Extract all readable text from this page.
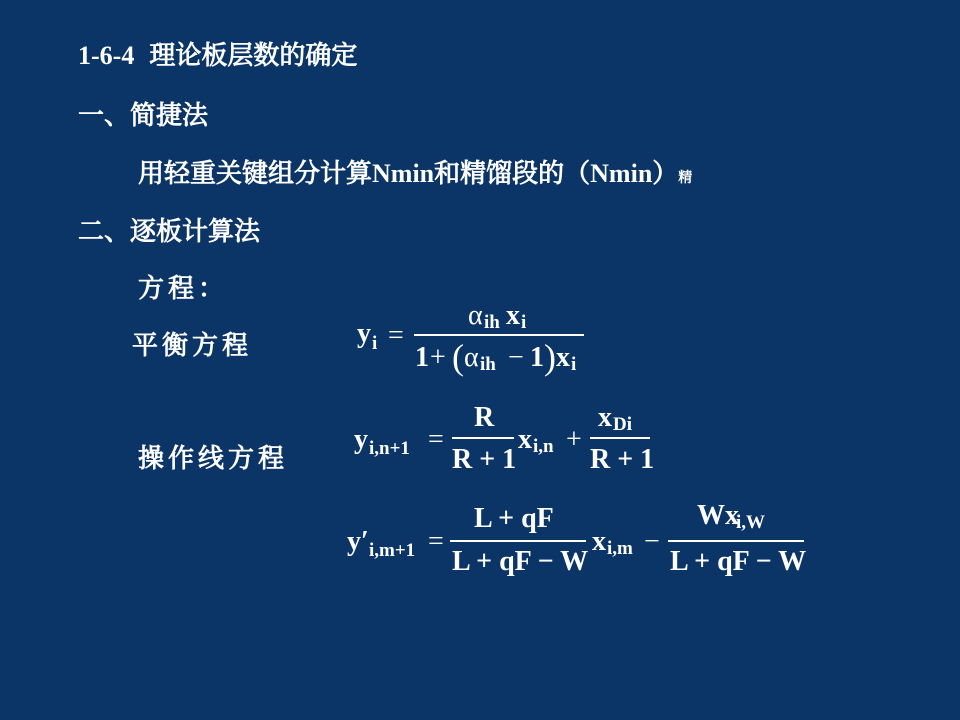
1-6-4 理论板层数的确定
一、简捷法
用轻重关键组分计算Nmin和精馏段的（Nmin）精
二、逐板计算法
方程：
平衡方程
操作线方程
y i =
α ih x i
1 + ( α ih − 1 ) x i
y i,n+1 =
R
R + 1
x i,n +
x Di
R + 1
y′ i,m+1 =
L + qF
L + qF − W
x i,m −
Wx
i,W
L + qF − W
